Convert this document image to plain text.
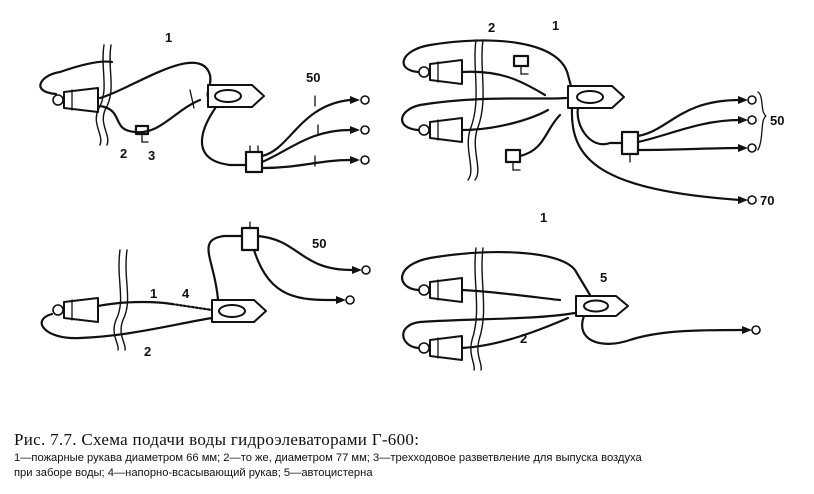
1
2 3
50
2	1
50
70
1 4
2
50
1
5
2
Рис. 7.7. Схема подачи воды гидроэлеваторами Г-600:
1—пожарные рукава диаметром 66 мм; 2—то же, диаметром 77 мм; 3—трехходовое разветвление для выпуска воздуха
при заборе воды; 4—напорно-всасывающий рукав; 5—автоцистерна
